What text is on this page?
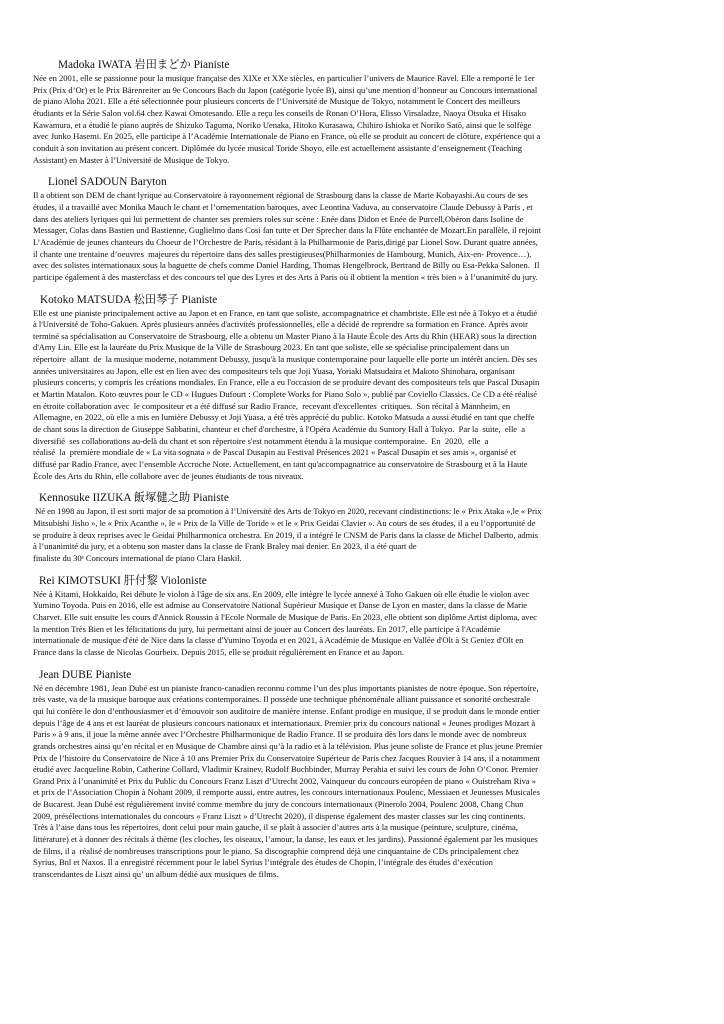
Madoka IWATA 岩田まどか Pianiste
Née en 2001, elle se passionne pour la musique française des XIXe et XXe siècles, en particulier l’univers de Maurice Ravel. Elle a remporté le 1er
Prix (Prix d’Or) et le Prix Bärenreiter au 9e Concours Bach du Japon (catégorie lycée B), ainsi qu’une mention d’honneur au Concours international
de piano Aloha 2021. Elle a été sélectionnée pour plusieurs concerts de l’Université de Musique de Tokyo, notamment le Concert des meilleurs
étudiants et la Série Salon vol.64 chez Kawai Omotesando. Elle a reçu les conseils de Ronan O’Hora, Elisso Virsaladze, Naoya Otsuka et Hisako
Kawamura, et a étudié le piano auprès de Shizuko Taguma, Noriko Uenaka, Hitoko Kurasawa, Chihiro Ishioka et Noriko Satō, ainsi que le solfège
avec Junko Hasemi. En 2025, elle participe à l’Académie Internationale de Piano en France, où elle se produit au concert de clôture, expérience qui a
conduit à son invitation au présent concert. Diplômée du lycée musical Toride Shoyo, elle est actuellement assistante d’enseignement (Teaching
Assistant) en Master à l’Université de Musique de Tokyo.
Lionel SADOUN Baryton
Il a obtient son DEM de chant lyrique au Conservatoire à rayonnement régional de Strasbourg dans la classe de Marie Kobayashi.Au cours de ses
études, il a travaillé avec Monika Mauch le chant et l’ornementation baroques, avec Leontina Vaduva, au conservatoire Claude Debussy à Paris , et
dans des ateliers lyriques qui lui permettent de chanter ses premiers roles sur scène : Enée dans Didon et Enée de Purcell,Obéron dans Isoline de
Messager, Colas dans Bastien und Bastienne, Guglielmo dans Cosi fan tutte et Der Sprecher dans la Flûte enchantée de Mozart.En parallèle, il rejoint
L’Académie de jeunes chanteurs du Choeur de l’Orchestre de Paris, résidant à la Philharmonie de Paris,dirigé par Lionel Sow. Durant quatre années,
il chante une trentaine d’oeuvres  majeures du répertoire dans des salles prestigieuses(Philharmonies de Hambourg, Munich, Aix-en- Provence…),
avec des solistes internationaux sous la baguette de chefs comme Daniel Harding, Thomas Hengelbrock, Bertrand de Billy ou Esa-Pekka Salonen.  Il
participe également à des masterclass et des concours tel que des Lyres et des Arts à Paris où il obtient la mention « très bien » à l’unanimité du jury.
Kotoko MATSUDA 松田琴子 Pianiste
Elle est une pianiste principalement active au Japon et en France, en tant que soliste, accompagnatrice et chambriste. Elle est née à Tokyo et a étudié
à l'Université de Toho-Gakuen. Après plusieurs années d'activités professionnelles, elle a décidé de reprendre sa formation en France. Après avoir
terminé sa spécialisation au Conservatoire de Strasbourg, elle a obtenu un Master Piano à la Haute École des Arts du Rhin (HEAR) sous la direction
d'Amy Lin. Elle est la lauréate du Prix Musique de la Ville de Strasbourg 2023. En tant que soliste, elle se spécialise principalement dans un
répertoire  allant  de  la musique moderne, notamment Debussy, jusqu'à la musique contemporaine pour laquelle elle porte un intérêt ancien. Dès ses
années universitaires au Japon, elle est en lien avec des compositeurs tels que Joji Yuasa, Yoriaki Matsudaira et Makoto Shinohara, organisant
plusieurs concerts, y compris les créations mondiales. En France, elle a eu l'occasion de se produire devant des compositeurs tels que Pascal Dusapin
et Martin Matalon. Koto œuvres pour le CD « Hugues Dufourt : Complete Works for Piano Solo », publié par Coviello Classics. Ce CD a été réalisé
en étroite collaboration avec  le compositeur et a été diffusé sur Radio France,  recevant d'excellentes  critiques.  Son récital à Mannheim, en
Allemagne, en 2022, où elle a mis en lumière Debussy et Joji Yuasa, a été très apprécié du public. Kotoko Matsuda a aussi étudié en tant que cheffe
de chant sous la direction de Giuseppe Sabbatini, chanteur et chef d'orchestre, à l'Opéra Académie du Suntory Hall à Tokyo.  Par la  suite,  elle  a
diversifié  ses collaborations au-delà du chant et son répertoire s'est notamment étendu à la musique contemporaine.  En  2020,  elle  a
réalisé  la  première mondiale de « La vita sognata » de Pascal Dusapin au Festival Présences 2021 « Pascal Dusapin et ses amis », organisé et
diffusé par Radio France, avec l’ensemble Accroche Note. Actuellement, en tant qu'accompagnatrice au conservatoire de Strasbourg et à la Haute
École des Arts du Rhin, elle collabore avec de jeunes étudiants de tous niveaux.
Kennosuke IIZUKA 飯塚健之助 Pianiste
Né en 1998 au Japon, il est sorti major de sa promotion à l’Université des Arts de Tokyo en 2020, recevant cindistinctions: le « Prix Ataka »,le « Prix
Mitsubishi Jisho », le « Prix Acanthe », le « Prix de la Ville de Toride » et le « Prix Geidai Clavier ». Au cours de ses études, il a eu l’opportunité de
se produire à deux reprises avec le Geidai Philharmonica orchestra. En 2019, il a intégré le CNSM de Paris dans la classe de Michel Dalberto, admis
à l’unanimité du jury, et a obtenu son master dans la classe de Frank Braley mai denier. En 2023, il a été quart de
finaliste du 30ᵉ Concours international de piano Clara Haskil.
Rei KIMOTSUKI 肝付黎 Violoniste
Née à Kitami, Hokkaido, Rei débute le violon à l'âge de six ans. En 2009, elle intègre le lycée annexé à Toho Gakuen où elle étudie le violon avec
Yumino Toyoda. Puis en 2016, elle est admise au Conservatoire National Supérieur Musique et Danse de Lyon en master, dans la classe de Marie
Charvet. Elle suit ensuite les cours d'Annick Roussin à l'Ecole Normale de Musique de Paris. En 2023, elle obtient son diplôme Artist diploma, avec
la mention Très Bien et les félicitations du jury, lui permettant ainsi de jouer au Concert des lauréats. En 2017, elle participe à l'Académie
internationale de musique d'été de Nice dans la classe d'Yumino Toyoda et en 2021, à Académie de Musique en Vallée d'Olt à St Geniez d'Olt en
France dans la classe de Nicolas Gourbeix. Depuis 2015, elle se produit régulièrement en France et au Japon.
Jean DUBE Pianiste
Né en décembre 1981, Jean Dubé est un pianiste franco-canadien reconnu comme l’un des plus importants pianistes de notre époque. Son répertoire,
très vaste, va de la musique baroque aux créations contemporaines. Il possède une technique phénoménale alliant puissance et sonorité orchestrale
qui lui confère le don d’enthousiasmer et d’émouvoir son auditoire de manière intense. Enfant prodige en musique, il se produit dans le monde entier
depuis l’âge de 4 ans et est lauréat de plusieurs concours nationaux et internationaux. Premier prix du concours national « Jeunes prodiges Mozart à
Paris » à 9 ans, il joue la même année avec l’Orchestre Philharmonique de Radio France. Il se produira dès lors dans le monde avec de nombreux
grands orchestres ainsi qu’en récital et en Musique de Chambre ainsi qu’à la radio et à la télévision. Plus jeune soliste de France et plus jeune Premier
Prix de l’histoire du Conservatoire de Nice à 10 ans Premier Prix du Conservatoire Supérieur de Paris chez Jacques Rouvier à 14 ans, il a notamment
étudié avec Jacqueline Robin, Catherine Collard, Vladimir Krainev, Rudolf Buchbinder, Murray Perahia et suivi les cours de John O’Conor. Premier
Grand Prix à l’unanimité et Prix du Public du Concours Franz Liszt d’Utrecht 2002, Vainqueur du concours européen de piano « Ouistreham Riva »
et prix de l’Association Chopin à Nohant 2009, il remporte aussi, entre autres, les concours internationaux Poulenc, Messiaen et Jeunesses Musicales
de Bucarest. Jean Dubé est régulièrement invité comme membre du jury de concours internationaux (Pinerolo 2004, Poulenc 2008, Chang Chun
2009, présélections internationales du concours « Franz Liszt » d’Utrecht 2020), il dispense également des master classes sur les cinq continents.
Très à l’aise dans tous les répertoires, dont celui pour main gauche, il se plaît à associer d’autres arts à la musique (peinture, sculpture, cinéma,
littérature) et à donner des récitals à thème (les cloches, les oiseaux, l’amour, la danse, les eaux et les jardins). Passionné également par les musiques
de films, il a  réalisé de nombreuses transcriptions pour le piano. Sa discographie comprend déjà une cinquantaine de CDs principalement chez
Syrius, Bnl et Naxos. Il a enregistré récemment pour le label Syrius l’intégrale des études de Chopin, l’intégrale des études d’exécution
transcendantes de Liszt ainsi qu’ un album dédié aux musiques de films.
